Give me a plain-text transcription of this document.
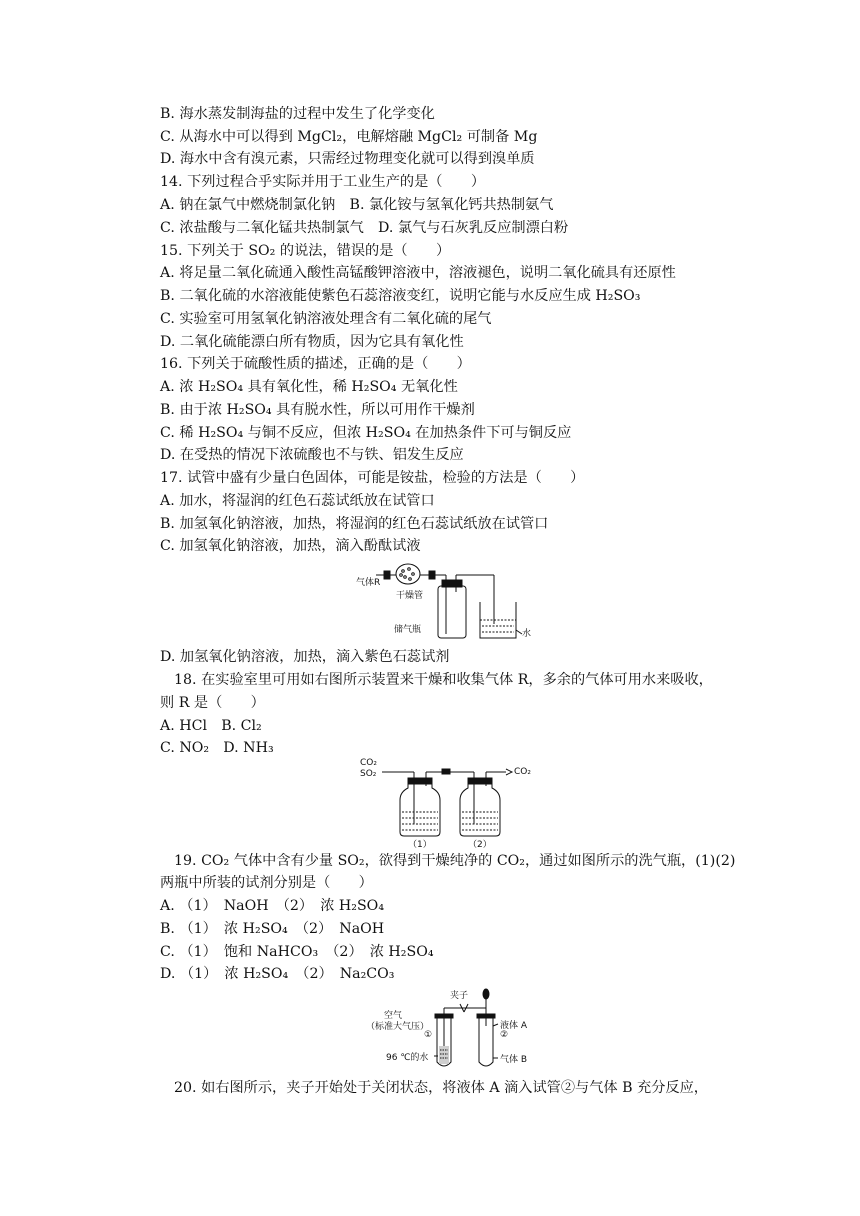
B. 海水蒸发制海盐的过程中发生了化学变化
C. 从海水中可以得到 MgCl₂，电解熔融 MgCl₂ 可制备 Mg
D. 海水中含有溴元素，只需经过物理变化就可以得到溴单质
14. 下列过程合乎实际并用于工业生产的是（　　）
A. 钠在氯气中燃烧制氯化钠　B. 氯化铵与氢氧化钙共热制氨气
C. 浓盐酸与二氧化锰共热制氯气　D. 氯气与石灰乳反应制漂白粉
15. 下列关于 SO₂ 的说法，错误的是（　　）
A. 将足量二氧化硫通入酸性高锰酸钾溶液中，溶液褪色，说明二氧化硫具有还原性
B. 二氧化硫的水溶液能使紫色石蕊溶液变红，说明它能与水反应生成 H₂SO₃
C. 实验室可用氢氧化钠溶液处理含有二氧化硫的尾气
D. 二氧化硫能漂白所有物质，因为它具有氧化性
16. 下列关于硫酸性质的描述，正确的是（　　）
A. 浓 H₂SO₄ 具有氧化性，稀 H₂SO₄ 无氧化性
B. 由于浓 H₂SO₄ 具有脱水性，所以可用作干燥剂
C. 稀 H₂SO₄ 与铜不反应，但浓 H₂SO₄ 在加热条件下可与铜反应
D. 在受热的情况下浓硫酸也不与铁、铝发生反应
17. 试管中盛有少量白色固体，可能是铵盐，检验的方法是（　　）
A. 加水，将湿润的红色石蕊试纸放在试管口
B. 加氢氧化钠溶液，加热，将湿润的红色石蕊试纸放在试管口
C. 加氢氧化钠溶液，加热，滴入酚酞试液
气体R
干燥管
储气瓶	水
D. 加氢氧化钠溶液，加热，滴入紫色石蕊试剂
18. 在实验室里可用如右图所示装置来干燥和收集气体 R，多余的气体可用水来吸收，
则 R 是（　　）
A. HCl　B. Cl₂
C. NO₂　D. NH₃
CO₂
SO₂	CO₂
（1）	（2）
19. CO₂ 气体中含有少量 SO₂，欲得到干燥纯净的 CO₂，通过如图所示的洗气瓶，(1)(2)
两瓶中所装的试剂分别是（　　）
A. （1）　NaOH　（2）　浓 H₂SO₄
B. （1）　浓 H₂SO₄　（2）　NaOH
C. （1）　饱和 NaHCO₃　（2）　浓 H₂SO₄
D. （1）　浓 H₂SO₄　（2）　Na₂CO₃
夹子
空气
（标准大气压）
①	②
96 ℃的水
液体 A
气体 B
20. 如右图所示，夹子开始处于关闭状态，将液体 A 滴入试管②与气体 B 充分反应，
